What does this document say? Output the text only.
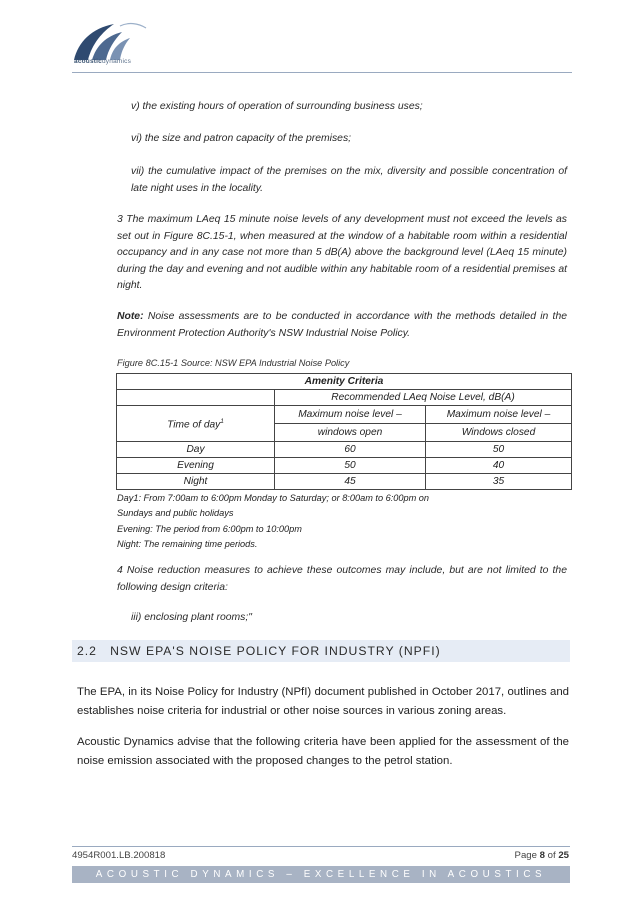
acousticdynamics
v) the existing hours of operation of surrounding business uses;
vi) the size and patron capacity of the premises;
vii) the cumulative impact of the premises on the mix, diversity and possible concentration of late night uses in the locality.
3 The maximum LAeq 15 minute noise levels of any development must not exceed the levels as set out in Figure 8C.15-1, when measured at the window of a habitable room within a residential occupancy and in any case not more than 5 dB(A) above the background level (LAeq 15 minute) during the day and evening and not audible within any habitable room of a residential premises at night.
Note: Noise assessments are to be conducted in accordance with the methods detailed in the Environment Protection Authority's NSW Industrial Noise Policy.
Figure 8C.15-1 Source: NSW EPA Industrial Noise Policy
Amenity Criteria		
	Recommended LAeq Noise Level, dB(A)	
Time of day$^1$	Maximum noise level –	Maximum noise level –
	windows open	Windows closed
Day	60	50
Evening	50	40
Night	45	35
Day1: From 7:00am to 6:00pm Monday to Saturday; or 8:00am to 6:00pm on
Sundays and public holidays
Evening: The period from 6:00pm to 10:00pm
Night: The remaining time periods.
4 Noise reduction measures to achieve these outcomes may include, but are not limited to the following design criteria:
iii) enclosing plant rooms;"
2.2 NSW EPA'S NOISE POLICY FOR INDUSTRY (NPFI)
The EPA, in its Noise Policy for Industry (NPfI) document published in October 2017, outlines and establishes noise criteria for industrial or other noise sources in various zoning areas.
Acoustic Dynamics advise that the following criteria have been applied for the assessment of the noise emission associated with the proposed changes to the petrol station.
4954R001.LB.200818	Page 8 of 25
ACOUSTIC DYNAMICS – EXCELLENCE IN ACOUSTICS
